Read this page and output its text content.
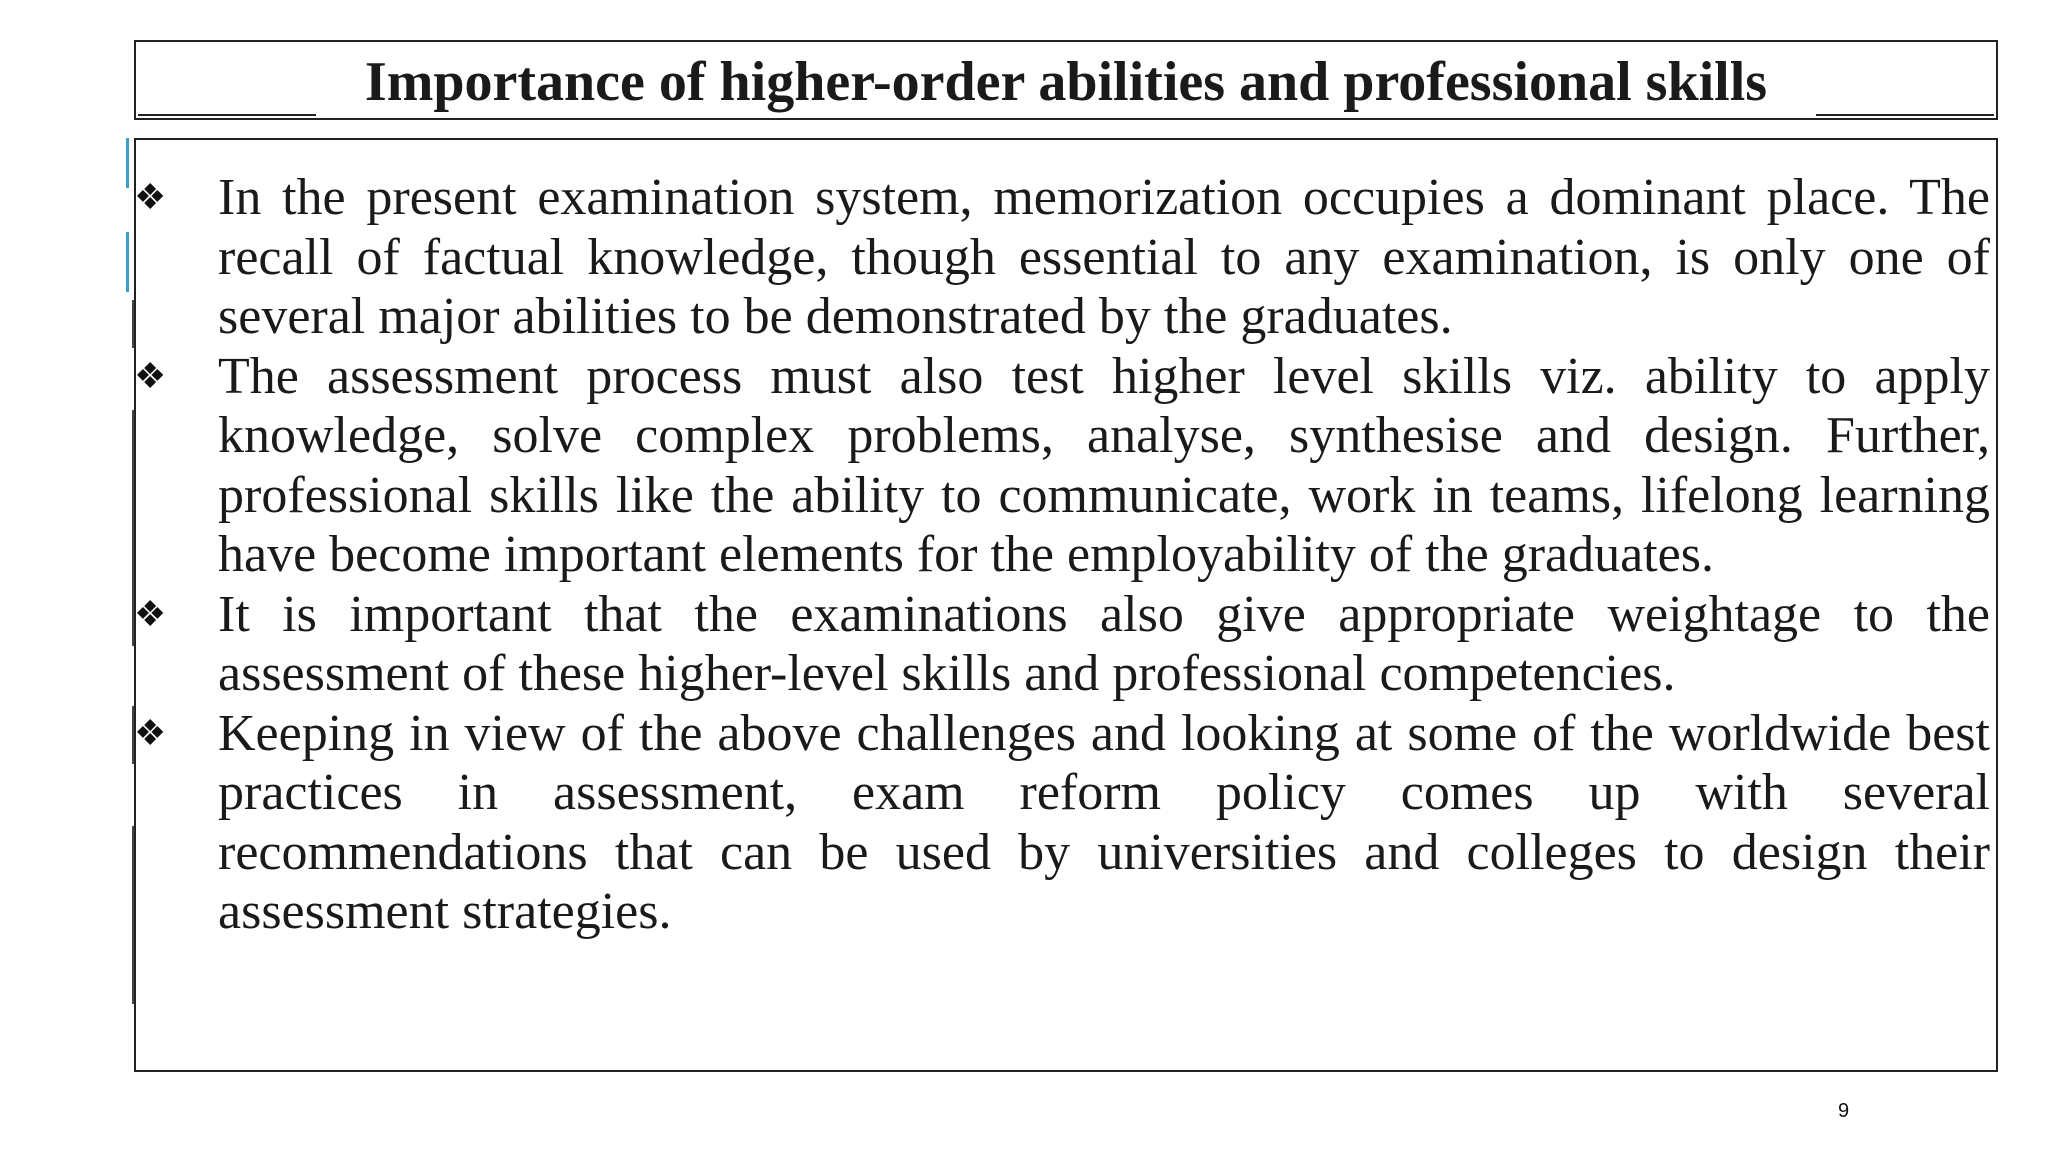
Importance of higher-order abilities and professional skills
❖ In the present examination system, memorization occupies a dominant place. The recall of factual knowledge, though essential to any examination, is only one of several major abilities to be demonstrated by the graduates.
❖ The assessment process must also test higher level skills viz. ability to apply knowledge, solve complex problems, analyse, synthesise and design. Further, professional skills like the ability to communicate, work in teams, lifelong learning have become important elements for the employability of the graduates.
❖ It is important that the examinations also give appropriate weightage to the assessment of these higher-level skills and professional competencies.
❖ Keeping in view of the above challenges and looking at some of the worldwide best practices in assessment, exam reform policy comes up with several recommendations that can be used by universities and colleges to design their assessment strategies.
9
